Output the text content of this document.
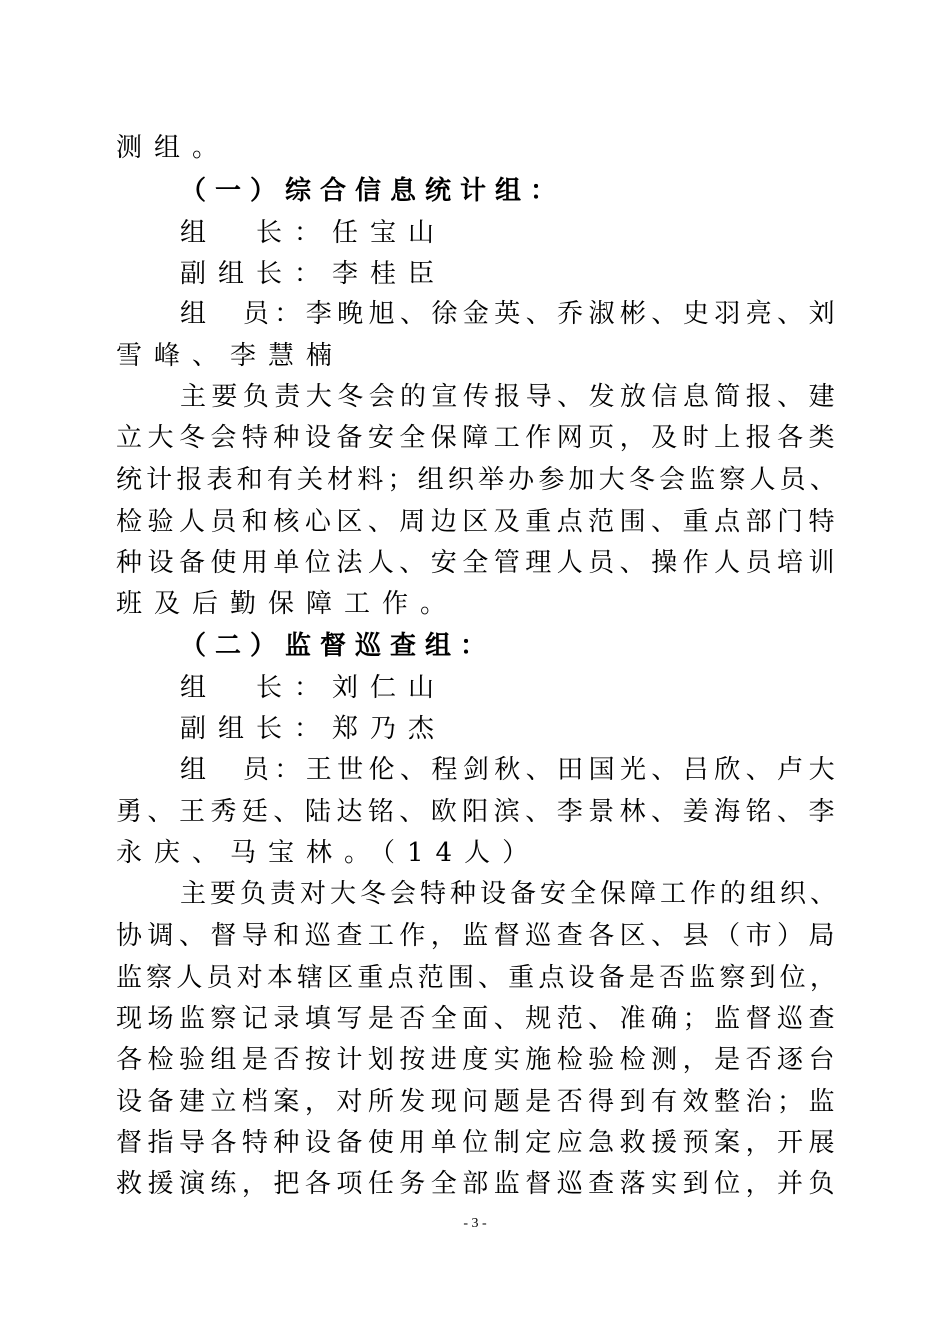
测组。

（一）综合信息统计组：

组　长：任宝山

副组长：李桂臣

组　员：李晚旭、徐金英、乔淑彬、史羽亮、刘

雪峰、李慧楠

主要负责大冬会的宣传报导、发放信息简报、建

立大冬会特种设备安全保障工作网页，及时上报各类

统计报表和有关材料；组织举办参加大冬会监察人员、

检验人员和核心区、周边区及重点范围、重点部门特

种设备使用单位法人、安全管理人员、操作人员培训

班及后勤保障工作。

（二）监督巡查组：

组　长：刘仁山

副组长：郑乃杰

组　员：王世伦、程剑秋、田国光、吕欣、卢大

勇、王秀廷、陆达铭、欧阳滨、李景林、姜海铭、李

永庆、马宝林。（14人）

主要负责对大冬会特种设备安全保障工作的组织、

协调、督导和巡查工作，监督巡查各区、县（市）局

监察人员对本辖区重点范围、重点设备是否监察到位，

现场监察记录填写是否全面、规范、准确；监督巡查

各检验组是否按计划按进度实施检验检测，是否逐台

设备建立档案，对所发现问题是否得到有效整治；监

督指导各特种设备使用单位制定应急救援预案，开展

救援演练，把各项任务全部监督巡查落实到位，并负

- 3 -
